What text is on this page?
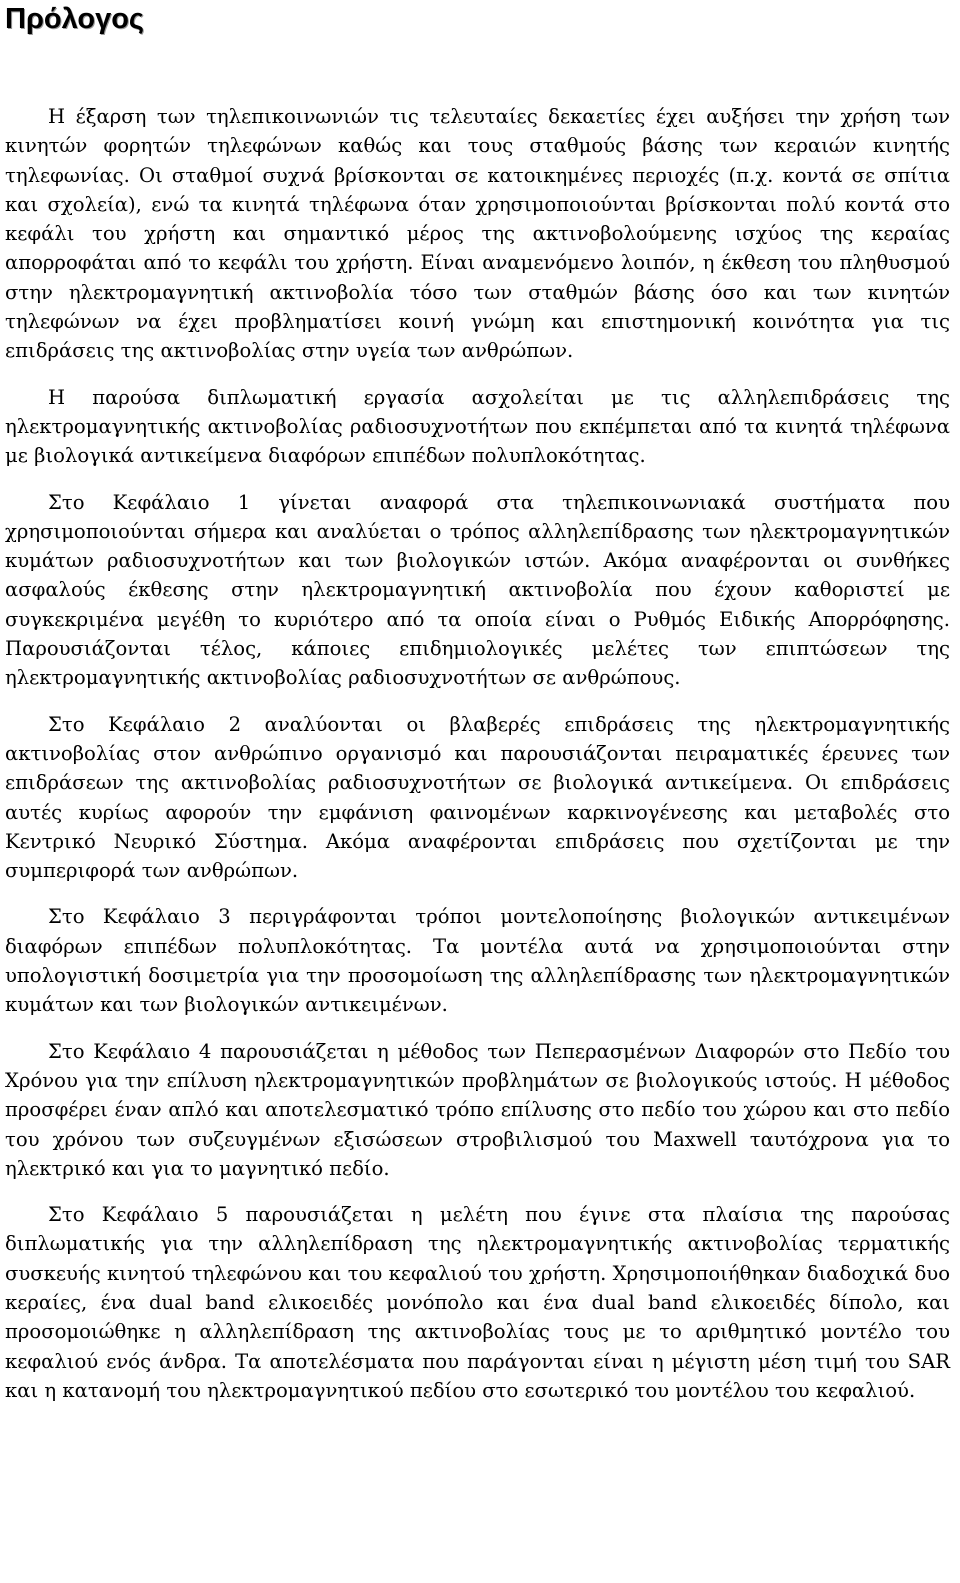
Πρόλογος

Η έξαρση των τηλεπικοινωνιών τις τελευταίες δεκαετίες έχει αυξήσει την χρήση των κινητών φορητών τηλεφώνων καθώς και τους σταθμούς βάσης των κεραιών κινητής τηλεφωνίας. Οι σταθμοί συχνά βρίσκονται σε κατοικημένες περιοχές (π.χ. κοντά σε σπίτια και σχολεία), ενώ τα κινητά τηλέφωνα όταν χρησιμοποιούνται βρίσκονται πολύ κοντά στο κεφάλι του χρήστη και σημαντικό μέρος της ακτινοβολούμενης ισχύος της κεραίας απορροφάται από το κεφάλι του χρήστη. Είναι αναμενόμενο λοιπόν, η έκθεση του πληθυσμού στην ηλεκτρομαγνητική ακτινοβολία τόσο των σταθμών βάσης όσο και των κινητών τηλεφώνων να έχει προβληματίσει κοινή γνώμη και επιστημονική κοινότητα για τις επιδράσεις της ακτινοβολίας στην υγεία των ανθρώπων.

Η παρούσα διπλωματική εργασία ασχολείται με τις αλληλεπιδράσεις της ηλεκτρομαγνητικής ακτινοβολίας ραδιοσυχνοτήτων που εκπέμπεται από τα κινητά τηλέφωνα με βιολογικά αντικείμενα διαφόρων επιπέδων πολυπλοκότητας.

Στο Κεφάλαιο 1 γίνεται αναφορά στα τηλεπικοινωνιακά συστήματα που χρησιμοποιούνται σήμερα και αναλύεται ο τρόπος αλληλεπίδρασης των ηλεκτρομαγνητικών κυμάτων ραδιοσυχνοτήτων και των βιολογικών ιστών. Ακόμα αναφέρονται οι συνθήκες ασφαλούς έκθεσης στην ηλεκτρομαγνητική ακτινοβολία που έχουν καθοριστεί με συγκεκριμένα μεγέθη το κυριότερο από τα οποία είναι ο Ρυθμός Ειδικής Απορρόφησης. Παρουσιάζονται τέλος, κάποιες επιδημιολογικές μελέτες των επιπτώσεων της ηλεκτρομαγνητικής ακτινοβολίας ραδιοσυχνοτήτων σε ανθρώπους.

Στο Κεφάλαιο 2 αναλύονται οι βλαβερές επιδράσεις της ηλεκτρομαγνητικής ακτινοβολίας στον ανθρώπινο οργανισμό και παρουσιάζονται πειραματικές έρευνες των επιδράσεων της ακτινοβολίας ραδιοσυχνοτήτων σε βιολογικά αντικείμενα. Οι επιδράσεις αυτές κυρίως αφορούν την εμφάνιση φαινομένων καρκινογένεσης και μεταβολές στο Κεντρικό Νευρικό Σύστημα. Ακόμα αναφέρονται επιδράσεις που σχετίζονται με την συμπεριφορά των ανθρώπων.

Στο Κεφάλαιο 3 περιγράφονται τρόποι μοντελοποίησης βιολογικών αντικειμένων διαφόρων επιπέδων πολυπλοκότητας. Τα μοντέλα αυτά να χρησιμοποιούνται στην υπολογιστική δοσιμετρία για την προσομοίωση της αλληλεπίδρασης των ηλεκτρομαγνητικών κυμάτων και των βιολογικών αντικειμένων.

Στο Κεφάλαιο 4 παρουσιάζεται η μέθοδος των Πεπερασμένων Διαφορών στο Πεδίο του Χρόνου για την επίλυση ηλεκτρομαγνητικών προβλημάτων σε βιολογικούς ιστούς. Η μέθοδος προσφέρει έναν απλό και αποτελεσματικό τρόπο επίλυσης στο πεδίο του χώρου και στο πεδίο του χρόνου των συζευγμένων εξισώσεων στροβιλισμού του Maxwell ταυτόχρονα για το ηλεκτρικό και για το μαγνητικό πεδίο.

Στο Κεφάλαιο 5 παρουσιάζεται η μελέτη που έγινε στα πλαίσια της παρούσας διπλωματικής για την αλληλεπίδραση της ηλεκτρομαγνητικής ακτινοβολίας τερματικής συσκευής κινητού τηλεφώνου και του κεφαλιού του χρήστη. Χρησιμοποιήθηκαν διαδοχικά δυο κεραίες, ένα dual band ελικοειδές μονόπολο και ένα dual band ελικοειδές δίπολο, και προσομοιώθηκε η αλληλεπίδραση της ακτινοβολίας τους με το αριθμητικό μοντέλο του κεφαλιού ενός άνδρα. Τα αποτελέσματα που παράγονται είναι η μέγιστη μέση τιμή του SAR και η κατανομή του ηλεκτρομαγνητικού πεδίου στο εσωτερικό του μοντέλου του κεφαλιού.
